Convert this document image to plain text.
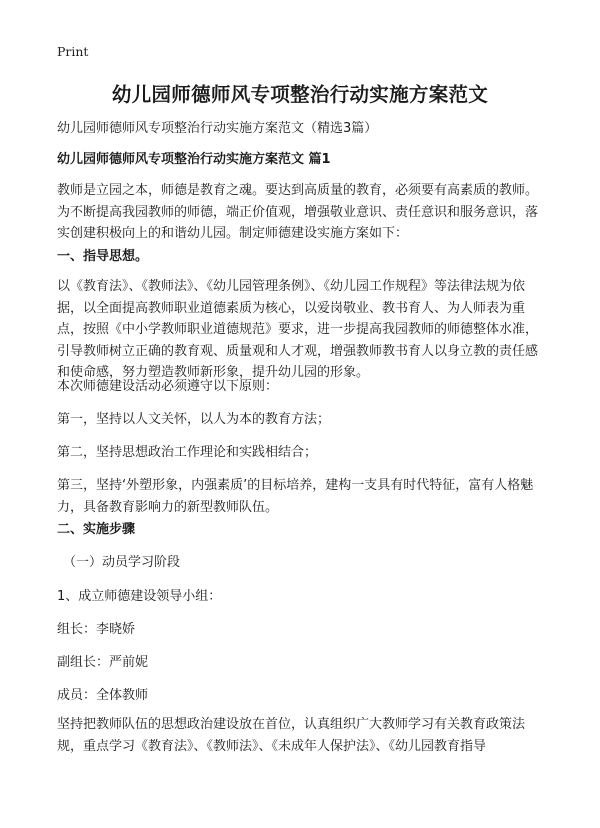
Print
幼儿园师德师风专项整治行动实施方案范文

幼儿园师德师风专项整治行动实施方案范文（精选3篇）

幼儿园师德师风专项整治行动实施方案范文 篇1

教师是立园之本，师德是教育之魂。要达到高质量的教育，必须要有高素质的教师。为不断提高我园教师的师德，端正价值观，增强敬业意识、责任意识和服务意识，落实创建积极向上的和谐幼儿园。制定师德建设实施方案如下：

一、指导思想。

以《教育法》、《教师法》、《幼儿园管理条例》、《幼儿园工作规程》等法律法规为依据，以全面提高教师职业道德素质为核心，以爱岗敬业、教书育人、为人师表为重点，按照《中小学教师职业道德规范》要求，进一步提高我园教师的师德整体水准，引导教师树立正确的教育观、质量观和人才观，增强教师教书育人以身立教的责任感和使命感，努力塑造教师新形象，提升幼儿园的形象。

本次师德建设活动必须遵守以下原则：

第一，坚持以人文关怀，以人为本的教育方法；

第二，坚持思想政治工作理论和实践相结合；

第三，坚持‘外塑形象，内强素质’的目标培养，建构一支具有时代特征，富有人格魅力，具备教育影响力的新型教师队伍。

二、实施步骤

（一）动员学习阶段

1、成立师德建设领导小组：

组长：李晓娇

副组长：严前妮

成员：全体教师

坚持把教师队伍的思想政治建设放在首位，认真组织广大教师学习有关教育政策法规，重点学习《教育法》、《教师法》、《未成年人保护法》、《幼儿园教育指导
